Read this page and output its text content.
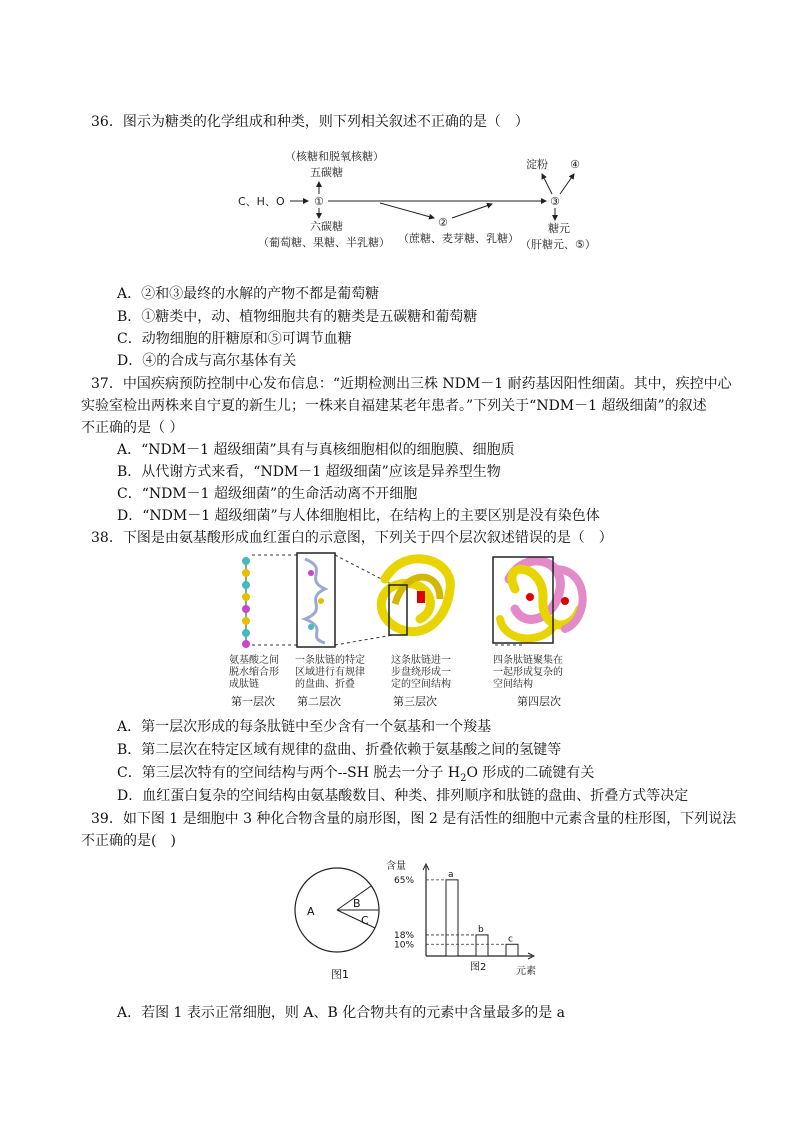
36．图示为糖类的化学组成和种类，则下列相关叙述不正确的是（　）
（核糖和脱氧核糖）
五碳糖
C、H、O	①
六碳糖
（葡萄糖、果糖、半乳糖）
②
（蔗糖、麦芽糖、乳糖）
③
淀粉 ④
糖元
（肝糖元、⑤）
A．②和③最终的水解的产物不都是葡萄糖
B．①糖类中，动、植物细胞共有的糖类是五碳糖和葡萄糖
C．动物细胞的肝糖原和⑤可调节血糖
D．④的合成与高尔基体有关
37．中国疾病预防控制中心发布信息：“近期检测出三株 NDM－1 耐药基因阳性细菌。其中，疾控中心
实验室检出两株来自宁夏的新生儿；一株来自福建某老年患者。”下列关于“NDM－1 超级细菌”的叙述
不正确的是（ ）
A．“NDM－1 超级细菌”具有与真核细胞相似的细胞膜、细胞质
B．从代谢方式来看，“NDM－1 超级细菌”应该是异养型生物
C．“NDM－1 超级细菌”的生命活动离不开细胞
D．“NDM－1 超级细菌”与人体细胞相比，在结构上的主要区别是没有染色体
38．下图是由氨基酸形成血红蛋白的示意图，下列关于四个层次叙述错误的是（　）
氨基酸之间
脱水缩合形
成肽链
一条肽链的特定
区域进行有规律
的盘曲、折叠
这条肽链进一
步盘绕形成一
定的空间结构
四条肽链聚集在
一起形成复杂的
空间结构
第一层次 第二层次	第三层次	第四层次
A．第一层次形成的每条肽链中至少含有一个氨基和一个羧基
B．第二层次在特定区域有规律的盘曲、折叠依赖于氨基酸之间的氢键等
C．第三层次特有的空间结构与两个--SH 脱去一分子 $H_2O$ 形成的二硫键有关
D．血红蛋白复杂的空间结构由氨基酸数目、种类、排列顺序和肽链的盘曲、折叠方式等决定
39．如下图 1 是细胞中 3 种化合物含量的扇形图，图 2 是有活性的细胞中元素含量的柱形图，下列说法
不正确的是(　)
A
B
C
图1
含量
元素
图2
a
65%
b
18%	c
10%
A．若图 1 表示正常细胞，则 A、B 化合物共有的元素中含量最多的是 a
